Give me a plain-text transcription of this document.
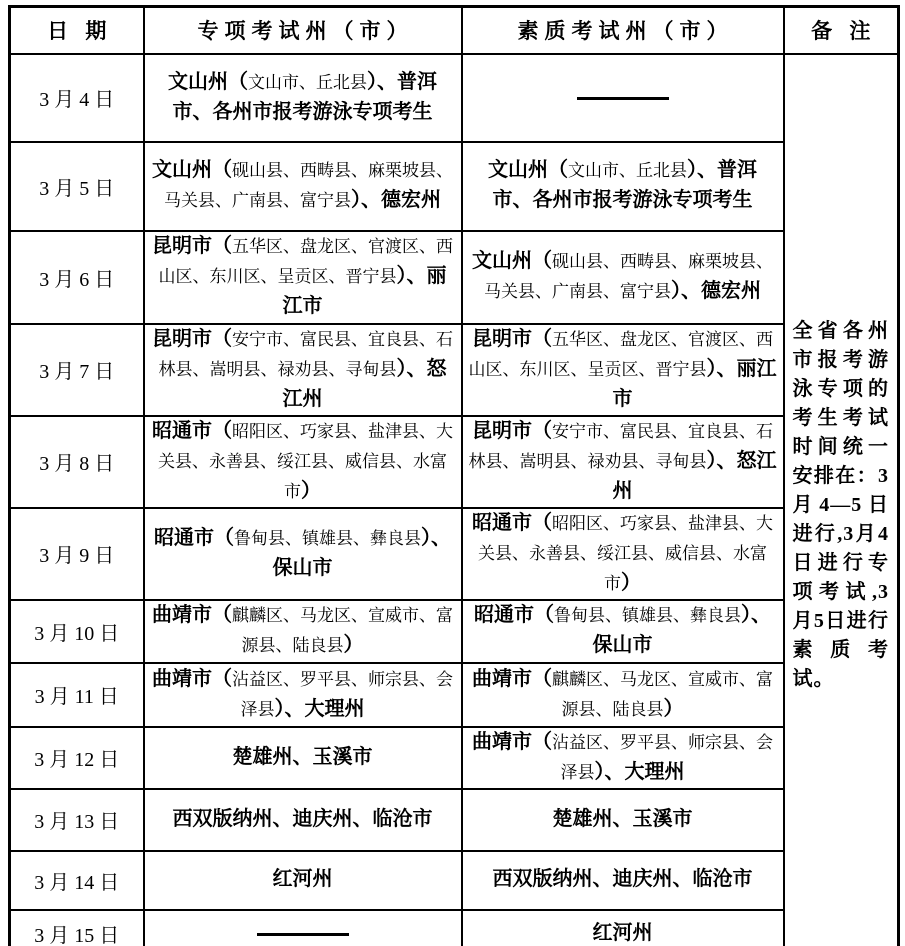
日 期	专项考试州（市）	素质考试州（市）	备 注
3 月 4 日	文山州（文山市、丘北县）、普洱市、各州市报考游泳专项考生		全省各州市报考游泳专项的考生考试时间统一安排在：3月4—5日进行,3月4日进行专项考试,3月5日进行素质考试。

3 月 5 日	文山州（砚山县、西畴县、麻栗坡县、马关县、广南县、富宁县）、德宏州	文山州（文山市、丘北县）、普洱市、各州市报考游泳专项考生	
3 月 6 日	昆明市（五华区、盘龙区、官渡区、西山区、东川区、呈贡区、晋宁县）、丽江市	文山州（砚山县、西畴县、麻栗坡县、马关县、广南县、富宁县）、德宏州	
3 月 7 日	昆明市（安宁市、富民县、宜良县、石林县、嵩明县、禄劝县、寻甸县）、怒江州	昆明市（五华区、盘龙区、官渡区、西山区、东川区、呈贡区、晋宁县）、丽江市	
3 月 8 日	昭通市（昭阳区、巧家县、盐津县、大关县、永善县、绥江县、威信县、水富市）	昆明市（安宁市、富民县、宜良县、石林县、嵩明县、禄劝县、寻甸县）、怒江州	
3 月 9 日	昭通市（鲁甸县、镇雄县、彝良县）、保山市	昭通市（昭阳区、巧家县、盐津县、大关县、永善县、绥江县、威信县、水富市）	
3 月 10 日	曲靖市（麒麟区、马龙区、宣威市、富源县、陆良县）	昭通市（鲁甸县、镇雄县、彝良县）、保山市	
3 月 11 日	曲靖市（沾益区、罗平县、师宗县、会泽县）、大理州	曲靖市（麒麟区、马龙区、宣威市、富源县、陆良县）	
3 月 12 日	楚雄州、玉溪市	曲靖市（沾益区、罗平县、师宗县、会泽县）、大理州	
3 月 13 日	西双版纳州、迪庆州、临沧市	楚雄州、玉溪市	
3 月 14 日	红河州	西双版纳州、迪庆州、临沧市	
3 月 15 日		红河州	
